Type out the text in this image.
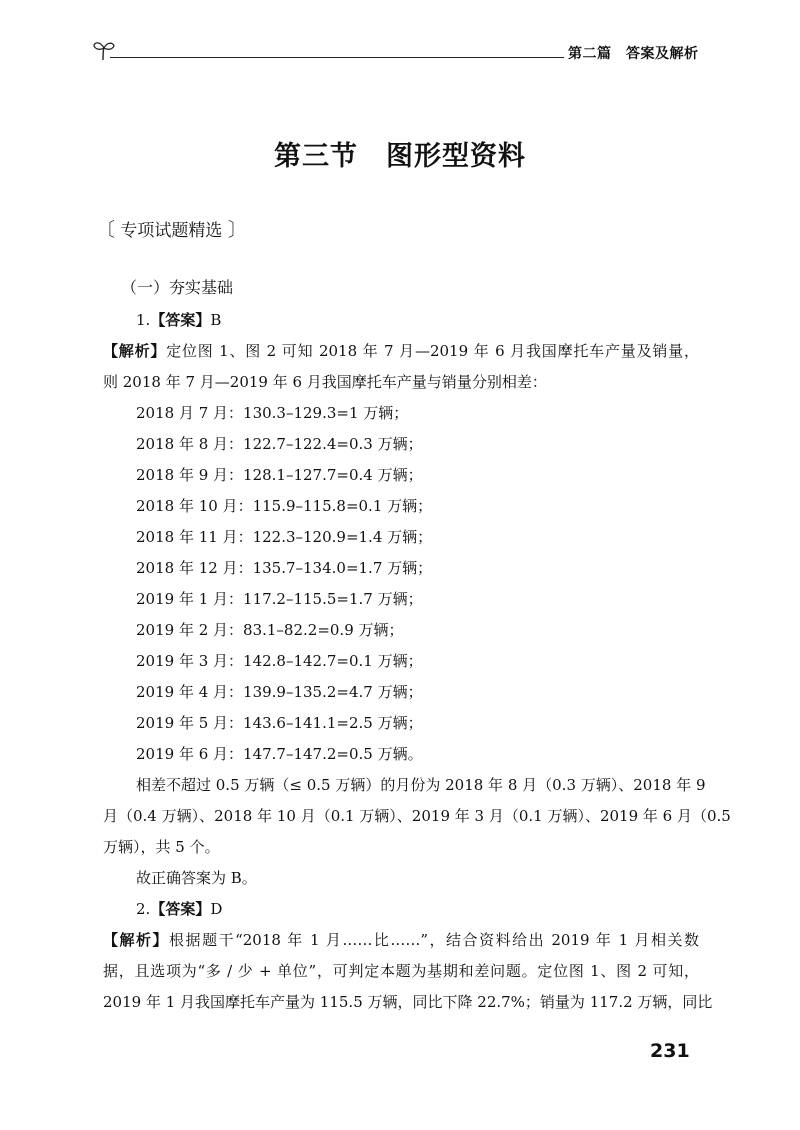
第二篇　答案及解析
第三节　图形型资料
〔 专项试题精选 〕
（一）夯实基础
1.【答案】B
【解析】定位图 1、图 2 可知 2018 年 7 月—2019 年 6 月我国摩托车产量及销量，
则 2018 年 7 月—2019 年 6 月我国摩托车产量与销量分别相差：
2018 月 7 月：130.3–129.3=1 万辆；
2018 年 8 月：122.7–122.4=0.3 万辆；
2018 年 9 月：128.1–127.7=0.4 万辆；
2018 年 10 月：115.9–115.8=0.1 万辆；
2018 年 11 月：122.3–120.9=1.4 万辆；
2018 年 12 月：135.7–134.0=1.7 万辆；
2019 年 1 月：117.2–115.5=1.7 万辆；
2019 年 2 月：83.1–82.2=0.9 万辆；
2019 年 3 月：142.8–142.7=0.1 万辆；
2019 年 4 月：139.9–135.2=4.7 万辆；
2019 年 5 月：143.6–141.1=2.5 万辆；
2019 年 6 月：147.7–147.2=0.5 万辆。
相差不超过 0.5 万辆（≤ 0.5 万辆）的月份为 2018 年 8 月（0.3 万辆）、2018 年 9
月（0.4 万辆）、2018 年 10 月（0.1 万辆）、2019 年 3 月（0.1 万辆）、2019 年 6 月（0.5
万辆），共 5 个。
故正确答案为 B。
2.【答案】D
【解析】根据题干“2018 年 1 月……比……”，结合资料给出 2019 年 1 月相关数
据，且选项为“多 / 少 + 单位”，可判定本题为基期和差问题。定位图 1、图 2 可知，
2019 年 1 月我国摩托车产量为 115.5 万辆，同比下降 22.7%；销量为 117.2 万辆，同比
231
